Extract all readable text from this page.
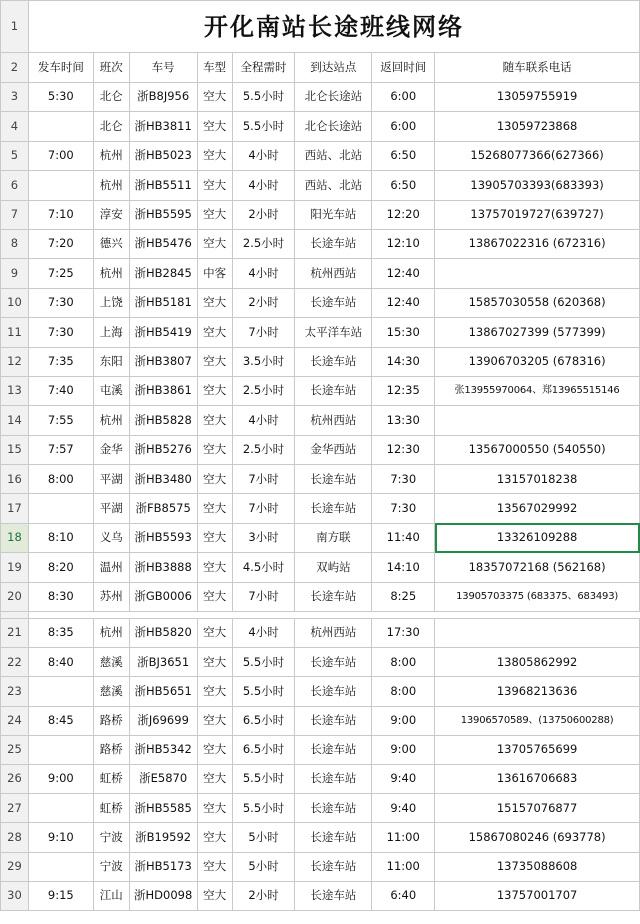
1	开化南站长途班线网络							
2	发车时间	班次	车号	车型	全程需时	到达站点	返回时间	随车联系电话
3	5:30	北仑	浙B8J956	空大	5.5小时	北仑长途站	6:00	13059755919
4		北仑	浙HB3811	空大	5.5小时	北仑长途站	6:00	13059723868
5	7:00	杭州	浙HB5023	空大	4小时	西站、北站	6:50	15268077366(627366)
6		杭州	浙HB5511	空大	4小时	西站、北站	6:50	13905703393(683393)
7	7:10	淳安	浙HB5595	空大	2小时	阳光车站	12:20	13757019727(639727)
8	7:20	德兴	浙HB5476	空大	2.5小时	长途车站	12:10	13867022316 (672316)
9	7:25	杭州	浙HB2845	中客	4小时	杭州西站	12:40	
10	7:30	上饶	浙HB5181	空大	2小时	长途车站	12:40	15857030558 (620368)
11	7:30	上海	浙HB5419	空大	7小时	太平洋车站	15:30	13867027399 (577399)
12	7:35	东阳	浙HB3807	空大	3.5小时	长途车站	14:30	13906703205 (678316)
13	7:40	屯溪	浙HB3861	空大	2.5小时	长途车站	12:35	张13955970064、郑13965515146
14	7:55	杭州	浙HB5828	空大	4小时	杭州西站	13:30	
15	7:57	金华	浙HB5276	空大	2.5小时	金华西站	12:30	13567000550 (540550)
16	8:00	平湖	浙HB3480	空大	7小时	长途车站	7:30	13157018238
17		平湖	浙FB8575	空大	7小时	长途车站	7:30	13567029992
18	8:10	义乌	浙HB5593	空大	3小时	南方联	11:40	13326109288
19	8:20	温州	浙HB3888	空大	4.5小时	双屿站	14:10	18357072168 (562168)
20	8:30	苏州	浙GB0006	空大	7小时	长途车站	8:25	13905703375 (683375、683493)

21	8:35	杭州	浙HB5820	空大	4小时	杭州西站	17:30	
22	8:40	慈溪	浙BJ3651	空大	5.5小时	长途车站	8:00	13805862992
23		慈溪	浙HB5651	空大	5.5小时	长途车站	8:00	13968213636
24	8:45	路桥	浙J69699	空大	6.5小时	长途车站	9:00	13906570589、(13750600288)
25		路桥	浙HB5342	空大	6.5小时	长途车站	9:00	13705765699
26	9:00	虹桥	浙E5870	空大	5.5小时	长途车站	9:40	13616706683
27		虹桥	浙HB5585	空大	5.5小时	长途车站	9:40	15157076877
28	9:10	宁波	浙B19592	空大	5小时	长途车站	11:00	15867080246 (693778)
29		宁波	浙HB5173	空大	5小时	长途车站	11:00	13735088608
30	9:15	江山	浙HD0098	空大	2小时	长途车站	6:40	13757001707
